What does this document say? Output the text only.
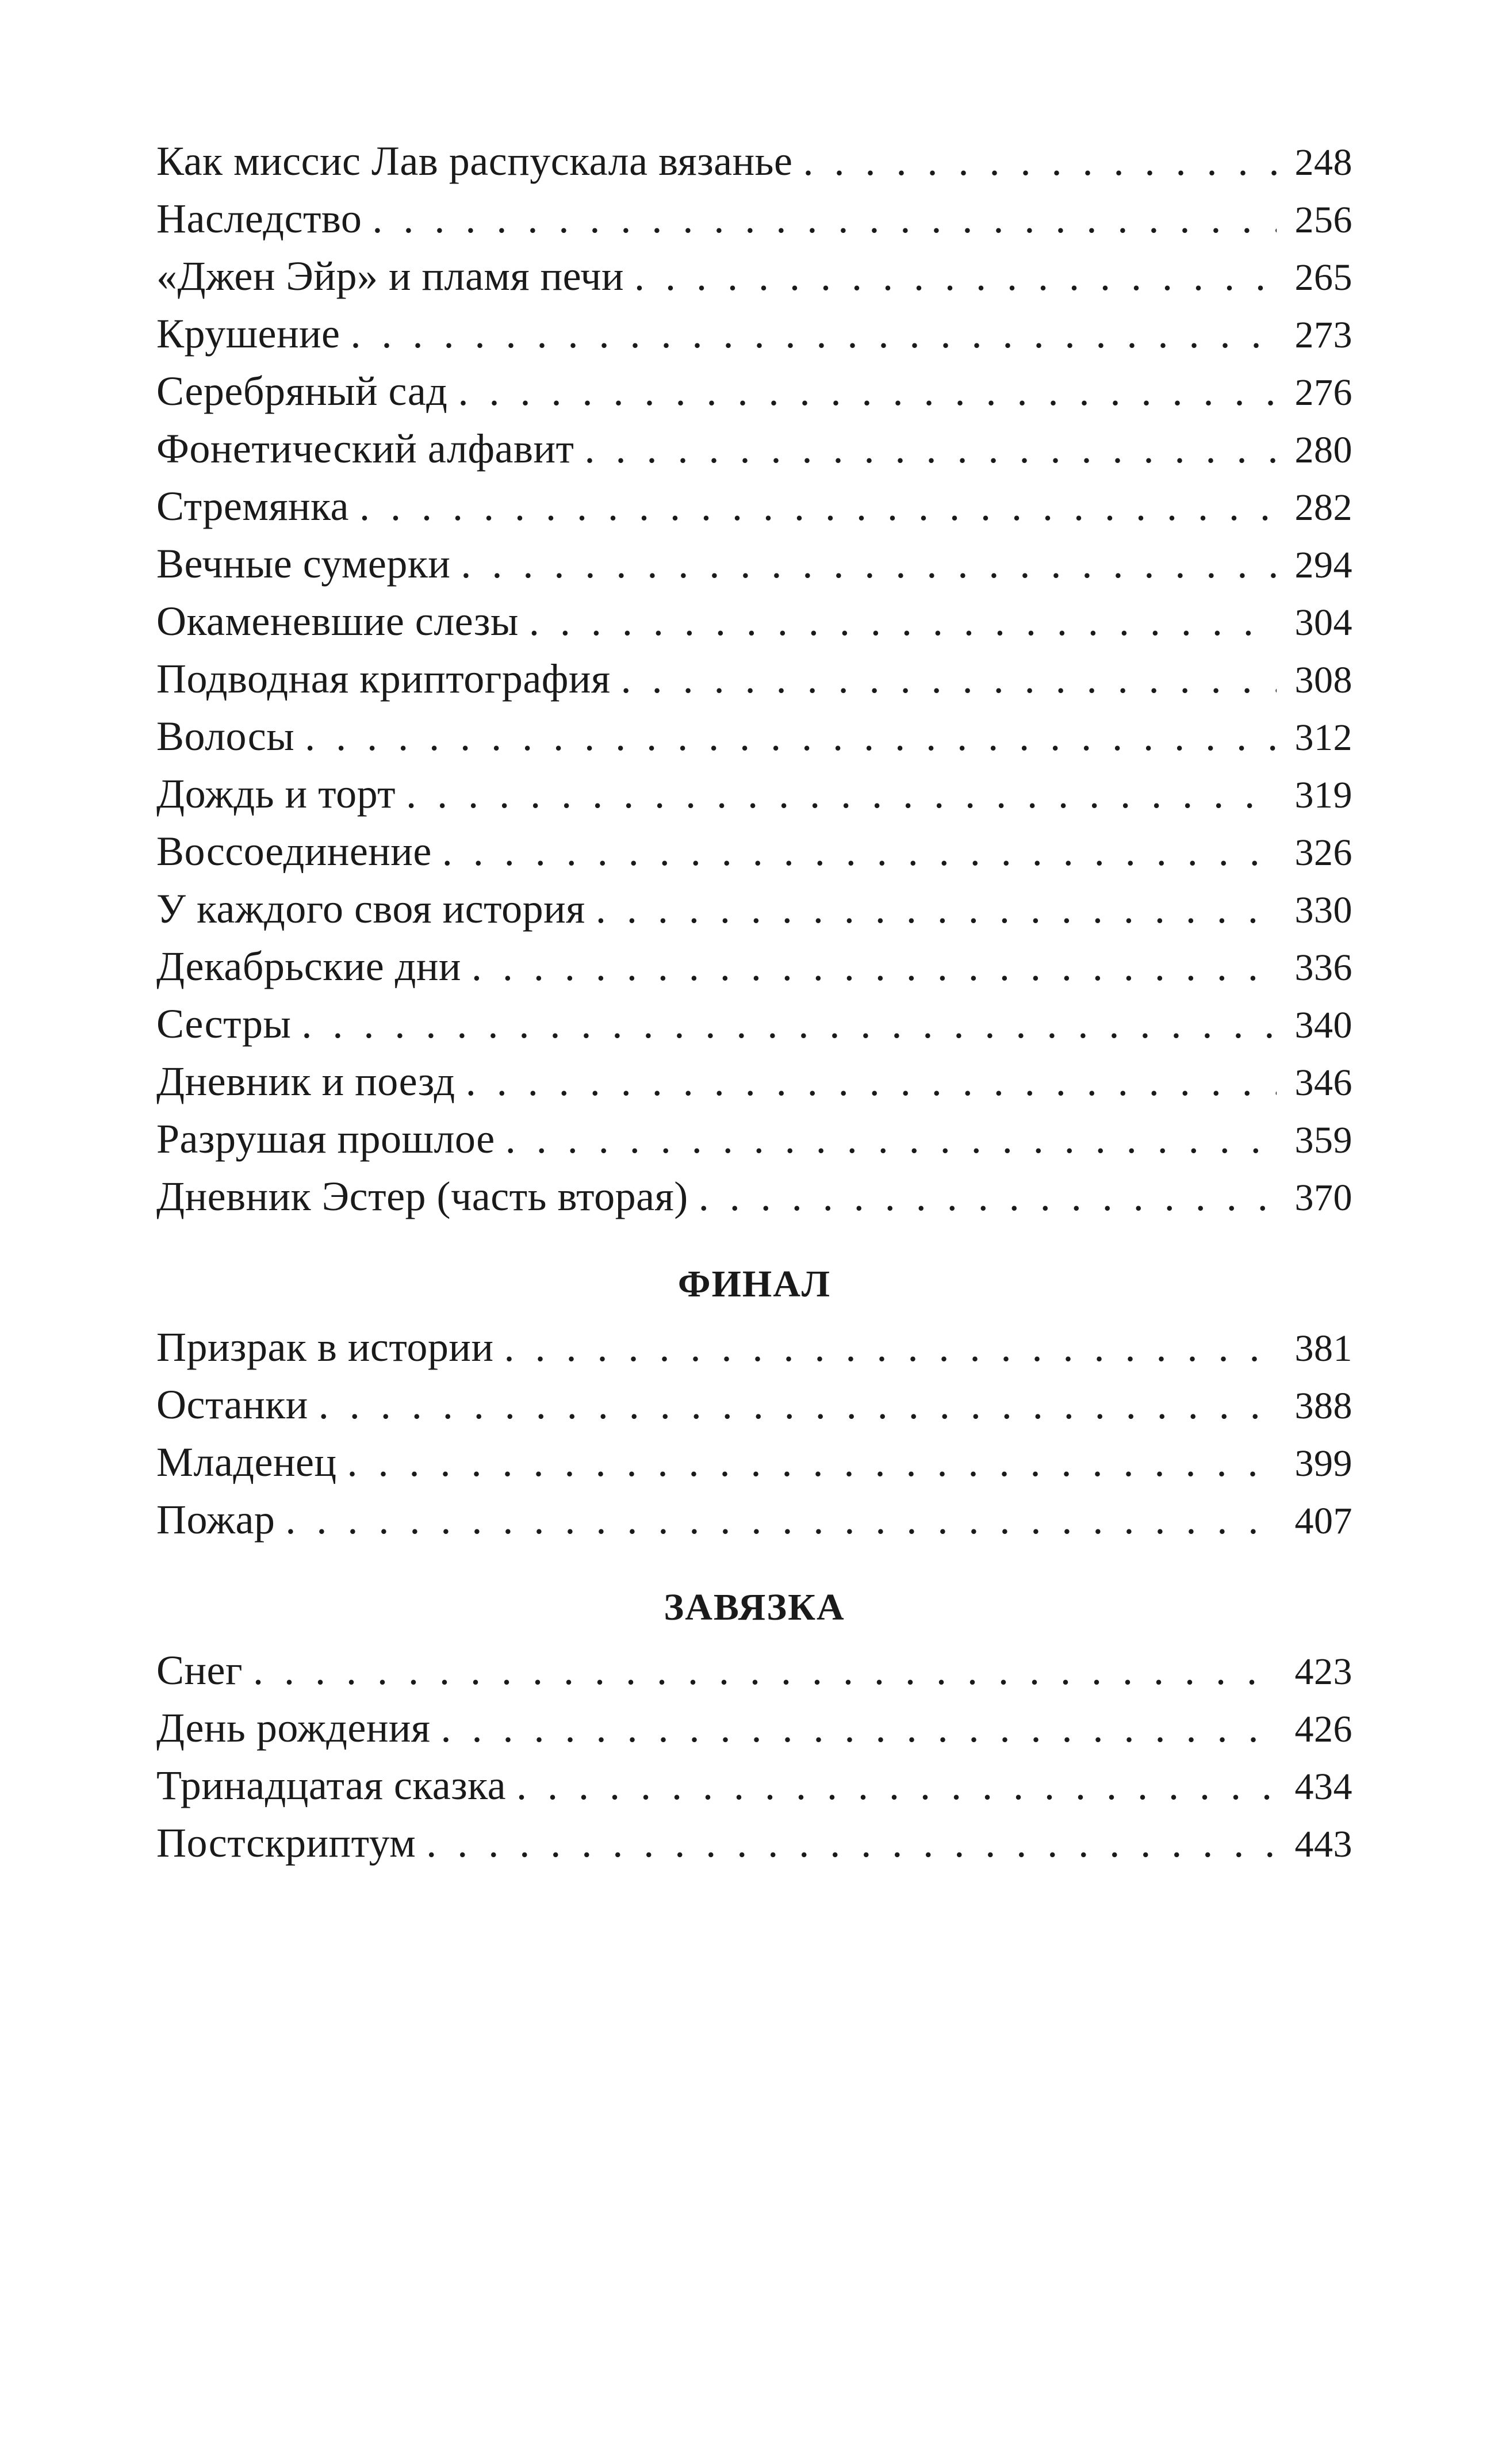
Как миссис Лав распускала вязанье . . .	248
Наследство . . .	256
«Джен Эйр» и пламя печи . . .	265
Крушение . . .	273
Серебряный сад . . .	276
Фонетический алфавит . . .	280
Стремянка . . .	282
Вечные сумерки . . .	294
Окаменевшие слезы . . .	304
Подводная криптография . . .	308
Волосы . . .	312
Дождь и торт . . .	319
Воссоединение . . .	326
У каждого своя история . . .	330
Декабрьские дни . . .	336
Сестры . . .	340
Дневник и поезд . . .	346
Разрушая прошлое . . .	359
Дневник Эстер (часть вторая) . . .	370
ФИНАЛ
Призрак в истории . . .	381
Останки . . .	388
Младенец . . .	399
Пожар . . .	407
ЗАВЯЗКА
Снег . . .	423
День рождения . . .	426
Тринадцатая сказка . . .	434
Постскриптум . . .	443
